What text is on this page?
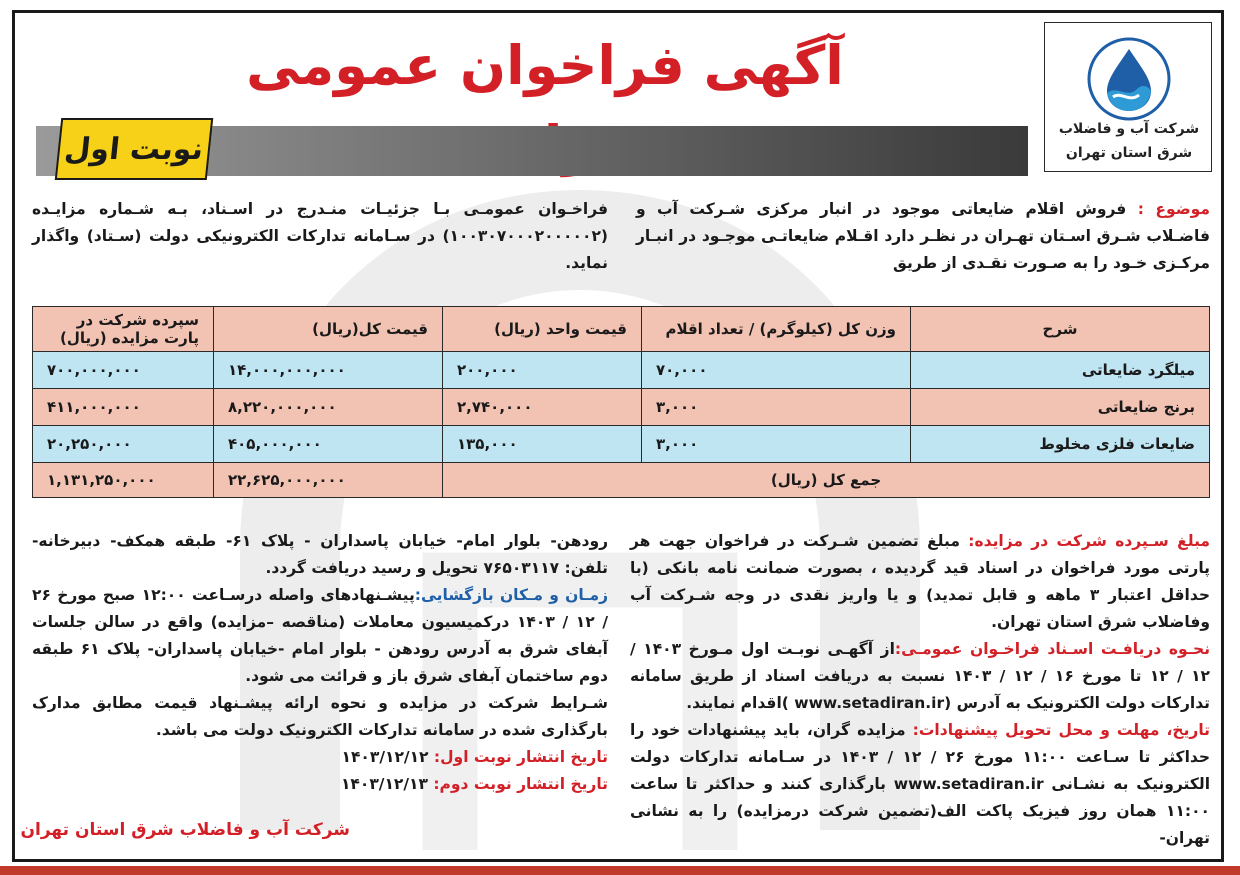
شرکت آب و فاضلاب
شرق استان تهران
آگهی فراخوان عمومی
نوبت اول

موضوع : فروش اقلام ضایعاتی موجود در انبار مرکزی شـرکت آب و فاضـلاب شـرق اسـتان تهـران در نظـر دارد اقـلام ضایعاتـی موجـود در انبـار مرکـزی خـود را به صـورت نقـدی از طریق

فراخـوان عمومـی بـا جزئیـات منـدرج در اسـناد، بـه شـماره مزایـده (۱۰۰۳۰۷۰۰۰۲۰۰۰۰۰۲) در سـامانه تدارکات الکترونیکی دولت (سـتاد) واگذار نماید.

شرح	وزن کل (کیلوگرم) / تعداد اقلام	قیمت واحد (ریال)	قیمت کل(ریال)	سپرده شرکت در پارت مزایده (ریال)
میلگرد ضایعاتی	۷۰,۰۰۰	۲۰۰,۰۰۰	۱۴,۰۰۰,۰۰۰,۰۰۰	۷۰۰,۰۰۰,۰۰۰
برنج ضایعاتی	۳,۰۰۰	۲,۷۴۰,۰۰۰	۸,۲۲۰,۰۰۰,۰۰۰	۴۱۱,۰۰۰,۰۰۰
ضایعات فلزی مخلوط	۳,۰۰۰	۱۳۵,۰۰۰	۴۰۵,۰۰۰,۰۰۰	۲۰,۲۵۰,۰۰۰
جمع کل (ریال)			۲۲,۶۲۵,۰۰۰,۰۰۰	۱,۱۳۱,۲۵۰,۰۰۰

مبلغ سـپرده شرکت در مزایده: مبلغ تضمین شـرکت در فراخوان جهت هر پارتی مورد فراخوان در اسناد قید گردیده ، بصورت ضمانت نامه بانکی (با حداقل اعتبار ۳ ماهه و قابل تمدید) و یا واریز نقدی در وجه شـرکت آب وفاضلاب شرق استان تهران.

نحـوه دریافـت اسـناد فراخـوان عمومـی:از آگهـی نوبـت اول مـورخ ۱۴۰۳ / ۱۲ / ۱۲ تا مورخ ۱۶ / ۱۲ / ۱۴۰۳ نسبت به دریافت اسناد از طریق سامانه تدارکات دولت الکترونیک به آدرس (www.setadiran.ir )اقدام نمایند.

تاریخ، مهلت و محل تحویل پیشنهادات: مزایده گران، باید پیشنهادات خود را حداکثر تا سـاعت ۱۱:۰۰ مورخ ۲۶ / ۱۲ / ۱۴۰۳ در سـامانه تدارکات دولت الکترونیک به نشـانی www.setadiran.ir بارگذاری کنند و حداکثر تا ساعت ۱۱:۰۰ همان روز فیزیک پاکت الف(تضمین شرکت درمزایده) را به نشانی تهران-

رودهن- بلوار امام- خیابان پاسداران - پلاک ۶۱- طبقه همکف- دبیرخانه- تلفن: ۷۶۵۰۳۱۱۷ تحویل و رسید دریافت گردد.

زمـان و مـکان بازگشایی:پیشـنهادهای واصله درسـاعت ۱۲:۰۰ صبح مورخ ۲۶ / ۱۲ / ۱۴۰۳ درکمیسیون معاملات (مناقصه –مزایده) واقع در سالن جلسات آبفای شرق به آدرس رودهن - بلوار امام -خیابان پاسداران- پلاک ۶۱ طبقه دوم ساختمان آبفای شرق باز و قرائت می شود.

شـرایط شرکت در مزایده و نحوه ارائه پیشـنهاد قیمت مطابق مدارک بارگذاری شده در سامانه تدارکات الکترونیک دولت می باشد.

تاریخ انتشار نوبت اول: ۱۴۰۳/۱۲/۱۲

تاریخ انتشار نوبت دوم: ۱۴۰۳/۱۲/۱۳

شرکت آب و فاضلاب شرق استان تهران
